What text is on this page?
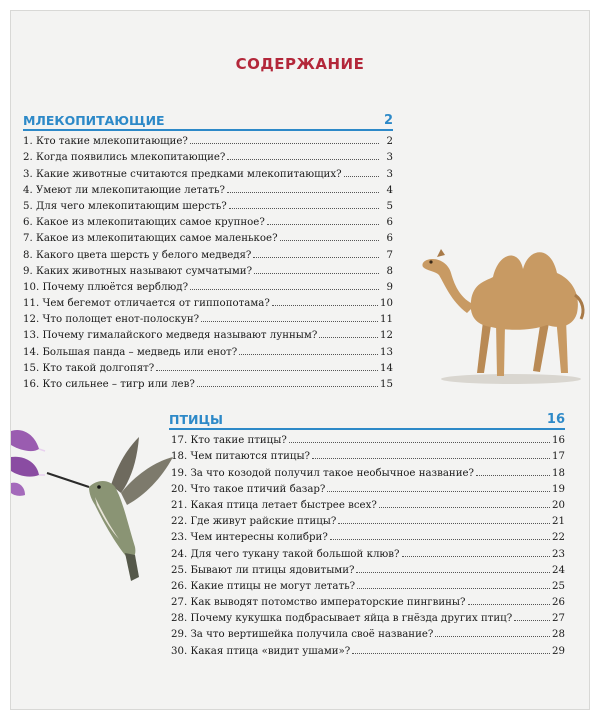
СОДЕРЖАНИЕ
МЛЕКОПИТАЮЩИЕ	2
1. Кто такие млекопитающие?	2
2. Когда появились млекопитающие?	3
3. Какие животные считаются предками млекопитающих?	3
4. Умеют ли млекопитающие летать?	4
5. Для чего млекопитающим шерсть?	5
6. Какое из млекопитающих самое крупное?	6
7. Какое из млекопитающих самое маленькое?	6
8. Какого цвета шерсть у белого медведя?	7
9. Каких животных называют сумчатыми?	8
10. Почему плюётся верблюд?	9
11. Чем бегемот отличается от гиппопотама?	10
12. Что полощет енот-полоскун?	11
13. Почему гималайского медведя называют лунным?	12
14. Большая панда – медведь или енот?	13
15. Кто такой долгопят?	14
16. Кто сильнее – тигр или лев?	15
ПТИЦЫ	16
17. Кто такие птицы?	16
18. Чем питаются птицы?	17
19. За что козодой получил такое необычное название?	18
20. Что такое птичий базар?	19
21. Какая птица летает быстрее всех?	20
22. Где живут райские птицы?	21
23. Чем интересны колибри?	22
24. Для чего тукану такой большой клюв?	23
25. Бывают ли птицы ядовитыми?	24
26. Какие птицы не могут летать?	25
27. Как выводят потомство императорские пингвины?	26
28. Почему кукушка подбрасывает яйца в гнёзда других птиц?	27
29. За что вертишейка получила своё название?	28
30. Какая птица «видит ушами»?	29
